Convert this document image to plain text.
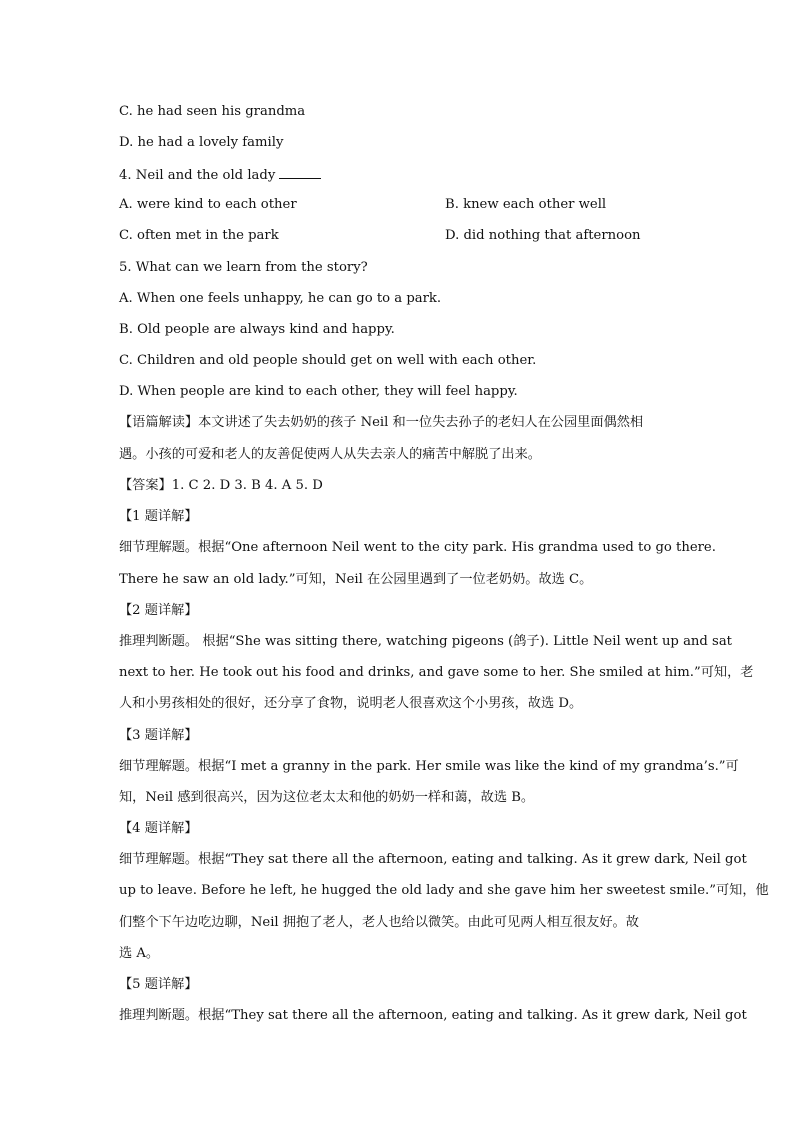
C. he had seen his grandma
D. he had a lovely family
4. Neil and the old lady
A. were kind to each other	B. knew each other well
C. often met in the park	D. did nothing that afternoon
5. What can we learn from the story?
A. When one feels unhappy, he can go to a park.
B. Old people are always kind and happy.
C. Children and old people should get on well with each other.
D. When people are kind to each other, they will feel happy.
【语篇解读】本文讲述了失去奶奶的孩子 Neil 和一位失去孙子的老妇人在公园里面偶然相
遇。小孩的可爱和老人的友善促使两人从失去亲人的痛苦中解脱了出来。
【答案】1. C 2. D 3. B 4. A 5. D
【1 题详解】
细节理解题。根据“One afternoon Neil went to the city park. His grandma used to go there.
There he saw an old lady.”可知，Neil 在公园里遇到了一位老奶奶。故选 C。
【2 题详解】
推理判断题。 根据“She was sitting there, watching pigeons (鸽子). Little Neil went up and sat
next to her. He took out his food and drinks, and gave some to her. She smiled at him.”可知，老
人和小男孩相处的很好，还分享了食物，说明老人很喜欢这个小男孩，故选 D。
【3 题详解】
细节理解题。根据“I met a granny in the park. Her smile was like the kind of my grandma’s.”可
知，Neil 感到很高兴，因为这位老太太和他的奶奶一样和蔼，故选 B。
【4 题详解】
细节理解题。根据“They sat there all the afternoon, eating and talking. As it grew dark, Neil got
up to leave. Before he left, he hugged the old lady and she gave him her sweetest smile.”可知，他
们整个下午边吃边聊，Neil 拥抱了老人，老人也给以微笑。由此可见两人相互很友好。故
选 A。
【5 题详解】
推理判断题。根据“They sat there all the afternoon, eating and talking. As it grew dark, Neil got
